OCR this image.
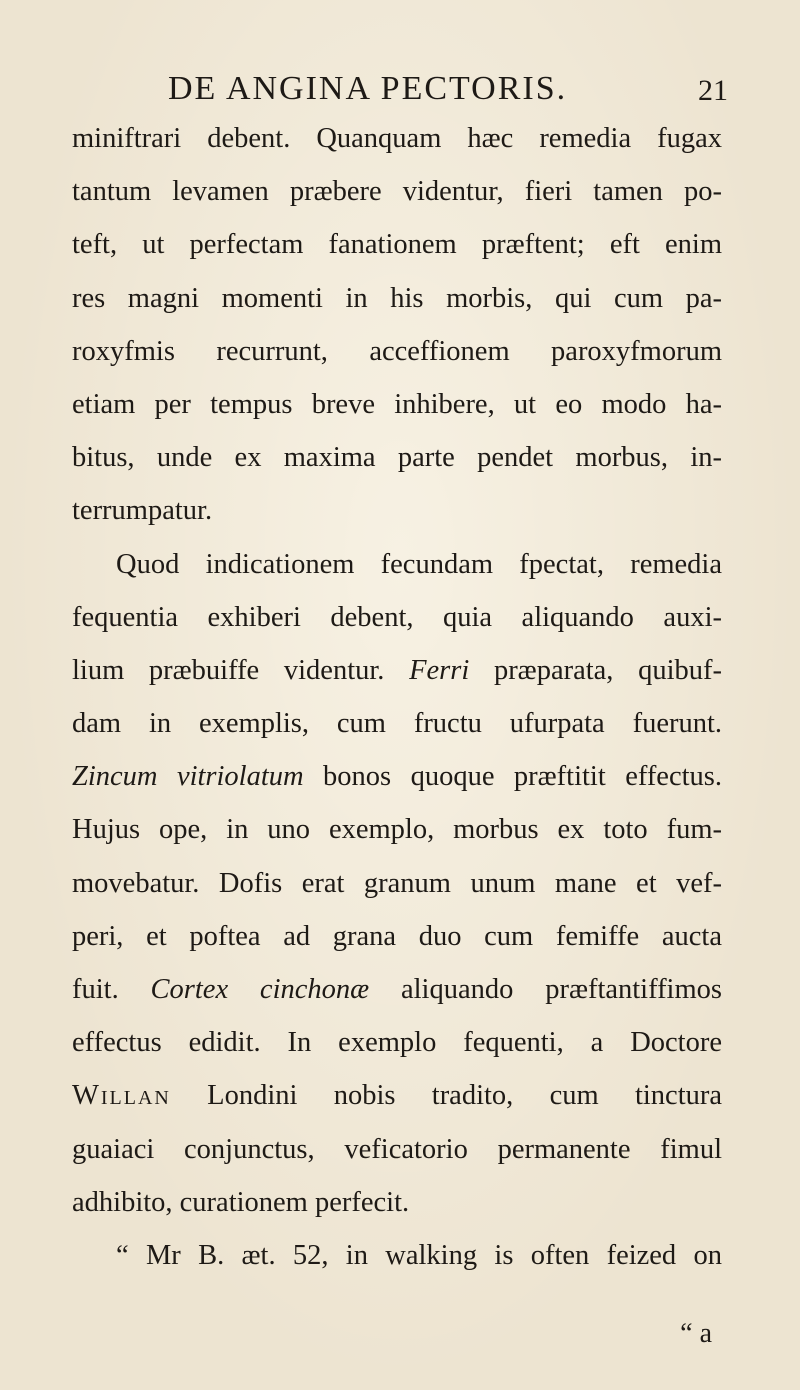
DE ANGINA PECTORIS.	21
miniftrari debent. Quanquam hæc remedia fugax
tantum levamen præbere videntur, fieri tamen po-
teft, ut perfectam fanationem præftent; eft enim
res magni momenti in his morbis, qui cum pa-
roxyfmis recurrunt, acceffionem paroxyfmorum
etiam per tempus breve inhibere, ut eo modo ha-
bitus, unde ex maxima parte pendet morbus, in-
terrumpatur.
Quod indicationem fecundam fpectat, remedia
fequentia exhiberi debent, quia aliquando auxi-
lium præbuiffe videntur. Ferri præparata, quibuf-
dam in exemplis, cum fructu ufurpata fuerunt.
Zincum vitriolatum bonos quoque præftitit effectus.
Hujus ope, in uno exemplo, morbus ex toto fum-
movebatur. Dofis erat granum unum mane et vef-
peri, et poftea ad grana duo cum femiffe aucta
fuit. Cortex cinchonæ aliquando præftantiffimos
effectus edidit. In exemplo fequenti, a Doctore
Willan Londini nobis tradito, cum tinctura
guaiaci conjunctus, veficatorio permanente fimul
adhibito, curationem perfecit.
“ Mr B. æt. 52, in walking is often feized on
“ a
